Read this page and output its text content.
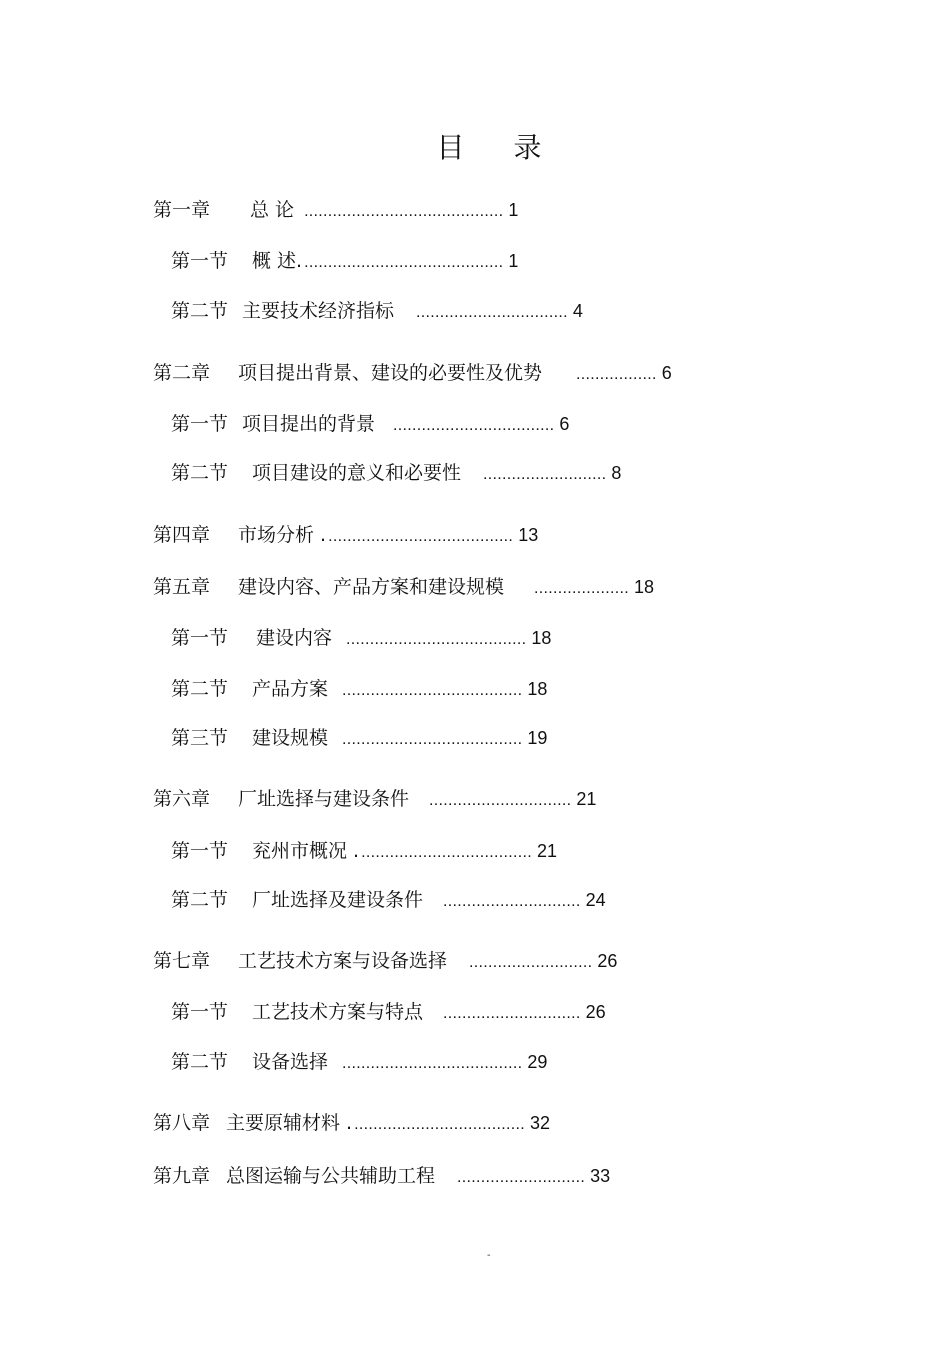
目 录
第一章 总 论 .......................................... 1
第一节 概 述. .......................................... 1
第二节 主要技术经济指标 ................................ 4
第二章 项目提出背景、建设的必要性及优势 ................. 6
第一节 项目提出的背景 .................................. 6
第二节 项目建设的意义和必要性 .......................... 8
第四章 市场分析 . ....................................... 13
第五章 建设内容、产品方案和建设规模 .................... 18
第一节 建设内容 ...................................... 18
第二节 产品方案 ...................................... 18
第三节 建设规模 ...................................... 19
第六章 厂址选择与建设条件 .............................. 21
第一节 兖州市概况 . .................................... 21
第二节 厂址选择及建设条件 ............................. 24
第七章 工艺技术方案与设备选择 .......................... 26
第一节 工艺技术方案与特点 ............................. 26
第二节 设备选择 ...................................... 29
第八章 主要原辅材料 . .................................... 32
第九章 总图运输与公共辅助工程 ........................... 33
-
